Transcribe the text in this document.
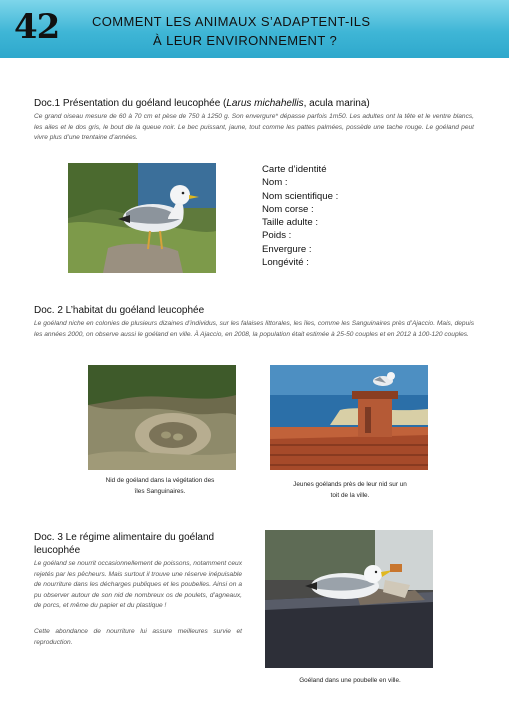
42	COMMENT LES ANIMAUX S’ADAPTENT-ILS
À LEUR ENVIRONNEMENT ?
Doc.1 Présentation du goéland leucophée (Larus michahellis, acula marina)
Ce grand oiseau mesure de 60 à 70 cm et pèse de 750 à 1250 g. Son envergure* dépasse parfois 1m50. Les adultes ont la tête et le ventre blancs, les ailes et le dos gris, le bout de la queue noir. Le bec puissant, jaune, tout comme les pattes palmées, possède une tache rouge. Le goéland peut vivre plus d’une trentaine d’années.
Carte d’identité
Nom :
Nom scientifique :
Nom corse :
Taille adulte :
Poids :
Envergure :
Longévité :
Doc. 2 L’habitat du goéland leucophée
Le goéland niche en colonies de plusieurs dizaines d’individus, sur les falaises littorales, les îles, comme les Sanguinaires près d’Ajaccio. Mais, depuis les années 2000, on observe aussi le goéland en ville. À Ajaccio, en 2008, la population était estimée à 25-50 couples et en 2012 à 100-120 couples.
Nid de goéland dans la végétation des
îles Sanguinaires.
Jeunes goélands près de leur nid sur un
toit de la ville.
Doc. 3 Le régime alimentaire du goéland
leucophée
Le goéland se nourrit occasionnellement de poissons, notamment ceux rejetés par les pêcheurs. Mais surtout il trouve une réserve inépuisable de nourriture dans les décharges publiques et les poubelles. Ainsi on a pu observer autour de son nid de nombreux os de poulets, d’agneaux, de porcs, et même du papier et du plastique !
Cette abondance de nourriture lui assure meilleures survie et reproduction.
Goéland dans une poubelle en ville.
